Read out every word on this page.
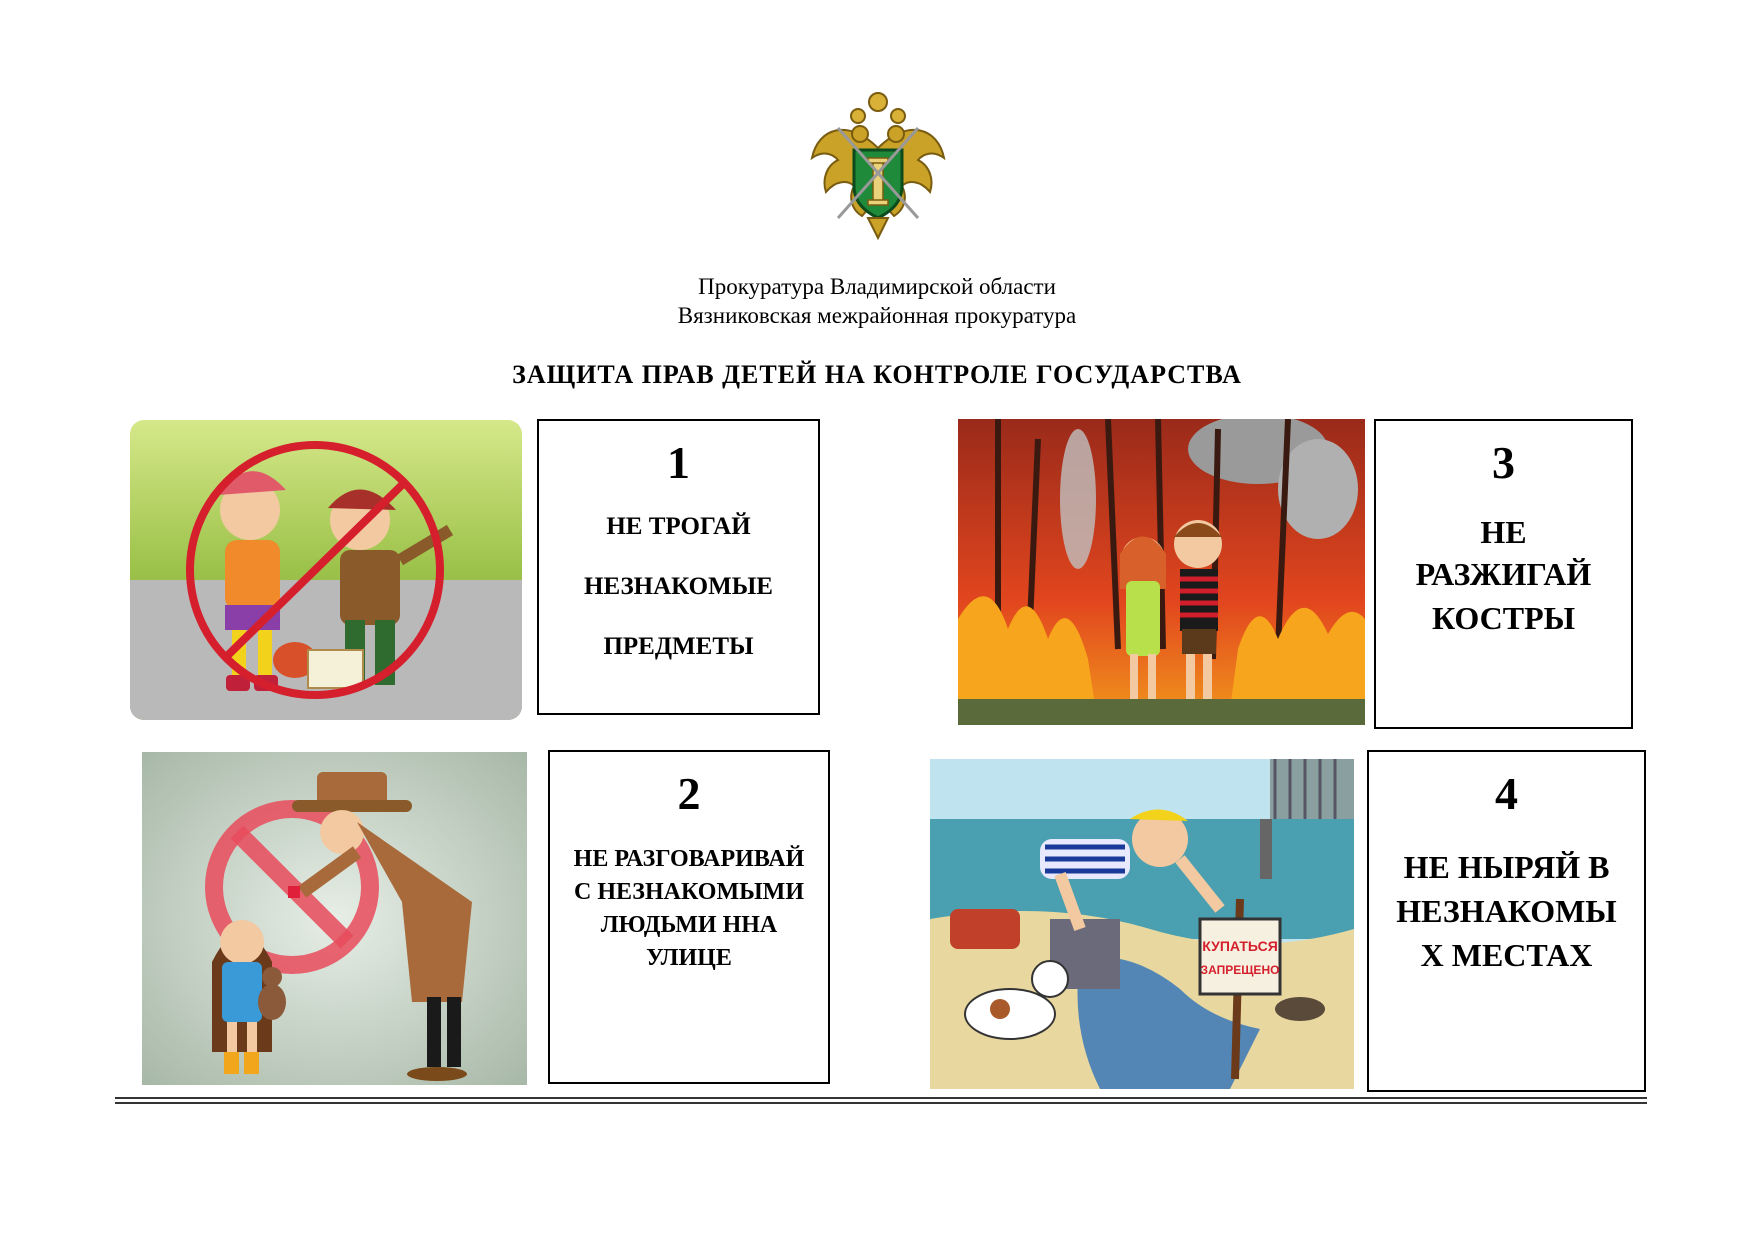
Прокуратура Владимирской области
Вязниковская межрайонная прокуратура
ЗАЩИТА ПРАВ ДЕТЕЙ НА КОНТРОЛЕ ГОСУДАРСТВА
1
НЕ ТРОГАЙ
НЕЗНАКОМЫЕ
ПРЕДМЕТЫ
3
НЕ
РАЗЖИГАЙ
КОСТРЫ
2
НЕ РАЗГОВАРИВАЙ
С НЕЗНАКОМЫМИ
ЛЮДЬМИ ННА
УЛИЦЕ	КУПАТЬСЯ
ЗАПРЕЩЕНО
4
НЕ НЫРЯЙ В
НЕЗНАКОМЫ
Х МЕСТАХ
